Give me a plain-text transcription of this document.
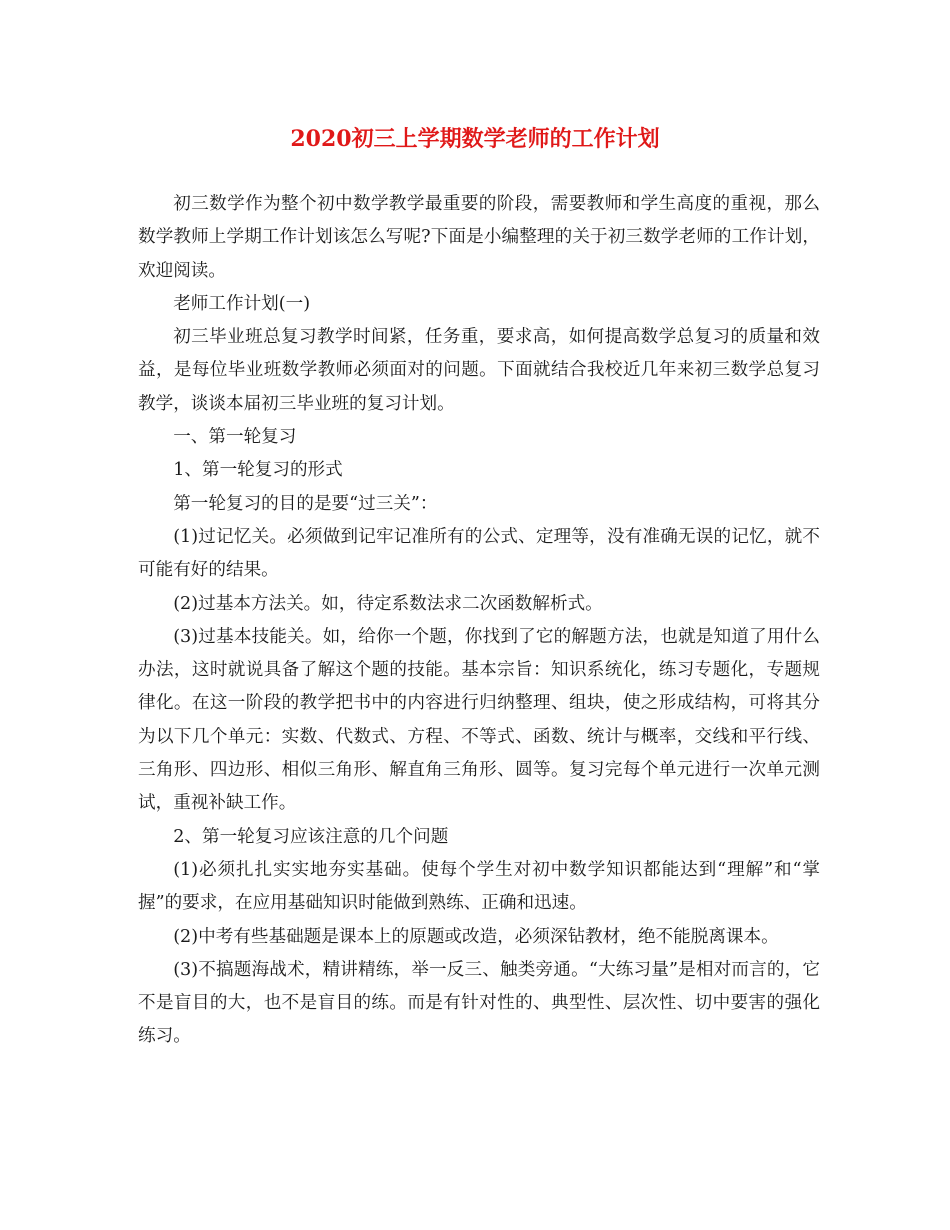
2020初三上学期数学老师的工作计划

初三数学作为整个初中数学教学最重要的阶段，需要教师和学生高度的重视，那么数学教师上学期工作计划该怎么写呢?下面是小编整理的关于初三数学老师的工作计划，欢迎阅读。

老师工作计划(一)

初三毕业班总复习教学时间紧，任务重，要求高，如何提高数学总复习的质量和效益，是每位毕业班数学教师必须面对的问题。下面就结合我校近几年来初三数学总复习教学，谈谈本届初三毕业班的复习计划。

一、第一轮复习

1、第一轮复习的形式

第一轮复习的目的是要“过三关”：

(1)过记忆关。必须做到记牢记准所有的公式、定理等，没有准确无误的记忆，就不可能有好的结果。

(2)过基本方法关。如，待定系数法求二次函数解析式。

(3)过基本技能关。如，给你一个题，你找到了它的解题方法，也就是知道了用什么办法，这时就说具备了解这个题的技能。基本宗旨：知识系统化，练习专题化，专题规律化。在这一阶段的教学把书中的内容进行归纳整理、组块，使之形成结构，可将其分为以下几个单元：实数、代数式、方程、不等式、函数、统计与概率，交线和平行线、三角形、四边形、相似三角形、解直角三角形、圆等。复习完每个单元进行一次单元测试，重视补缺工作。

2、第一轮复习应该注意的几个问题

(1)必须扎扎实实地夯实基础。使每个学生对初中数学知识都能达到“理解”和“掌握”的要求，在应用基础知识时能做到熟练、正确和迅速。

(2)中考有些基础题是课本上的原题或改造，必须深钻教材，绝不能脱离课本。

(3)不搞题海战术，精讲精练，举一反三、触类旁通。“大练习量”是相对而言的，它不是盲目的大，也不是盲目的练。而是有针对性的、典型性、层次性、切中要害的强化练习。
